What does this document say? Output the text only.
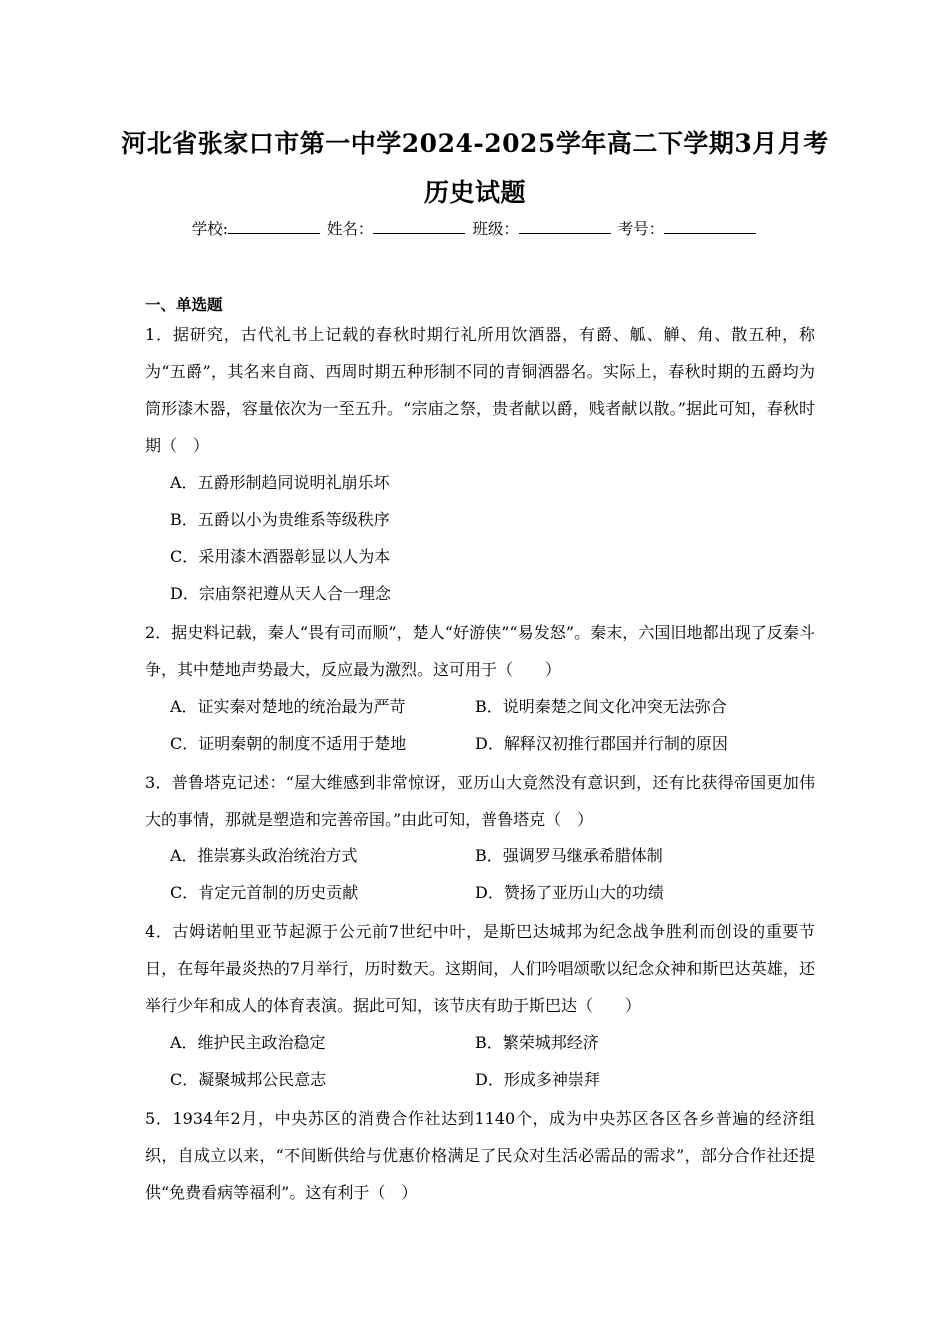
河北省张家口市第一中学2024-2025学年高二下学期3月月考
历史试题
学校:	姓名：	班级：	考号：
一、单选题
1．据研究，古代礼书上记载的春秋时期行礼所用饮酒器，有爵、觚、觯、角、散五种，称为“五爵”，其名来自商、西周时期五种形制不同的青铜酒器名。实际上，春秋时期的五爵均为筒形漆木器，容量依次为一至五升。“宗庙之祭，贵者献以爵，贱者献以散。”据此可知，春秋时期（　）
A．五爵形制趋同说明礼崩乐坏
B．五爵以小为贵维系等级秩序
C．采用漆木酒器彰显以人为本
D．宗庙祭祀遵从天人合一理念
2．据史料记载，秦人“畏有司而顺”，楚人“好游侠”“易发怒”。秦末，六国旧地都出现了反秦斗争，其中楚地声势最大，反应最为激烈。这可用于（　　）
A．证实秦对楚地的统治最为严苛	B．说明秦楚之间文化冲突无法弥合
C．证明秦朝的制度不适用于楚地	D．解释汉初推行郡国并行制的原因
3．普鲁塔克记述：“屋大维感到非常惊讶，亚历山大竟然没有意识到，还有比获得帝国更加伟大的事情，那就是塑造和完善帝国。”由此可知，普鲁塔克（　）
A．推崇寡头政治统治方式	B．强调罗马继承希腊体制
C．肯定元首制的历史贡献	D．赞扬了亚历山大的功绩
4．古姆诺帕里亚节起源于公元前7世纪中叶，是斯巴达城邦为纪念战争胜利而创设的重要节日，在每年最炎热的7月举行，历时数天。这期间，人们吟唱颂歌以纪念众神和斯巴达英雄，还举行少年和成人的体育表演。据此可知，该节庆有助于斯巴达（　　）
A．维护民主政治稳定	B．繁荣城邦经济
C．凝聚城邦公民意志	D．形成多神崇拜
5．1934年2月，中央苏区的消费合作社达到1140个，成为中央苏区各区各乡普遍的经济组织，自成立以来，“不间断供给与优惠价格满足了民众对生活必需品的需求”，部分合作社还提供“免费看病等福利”。这有利于（　）
